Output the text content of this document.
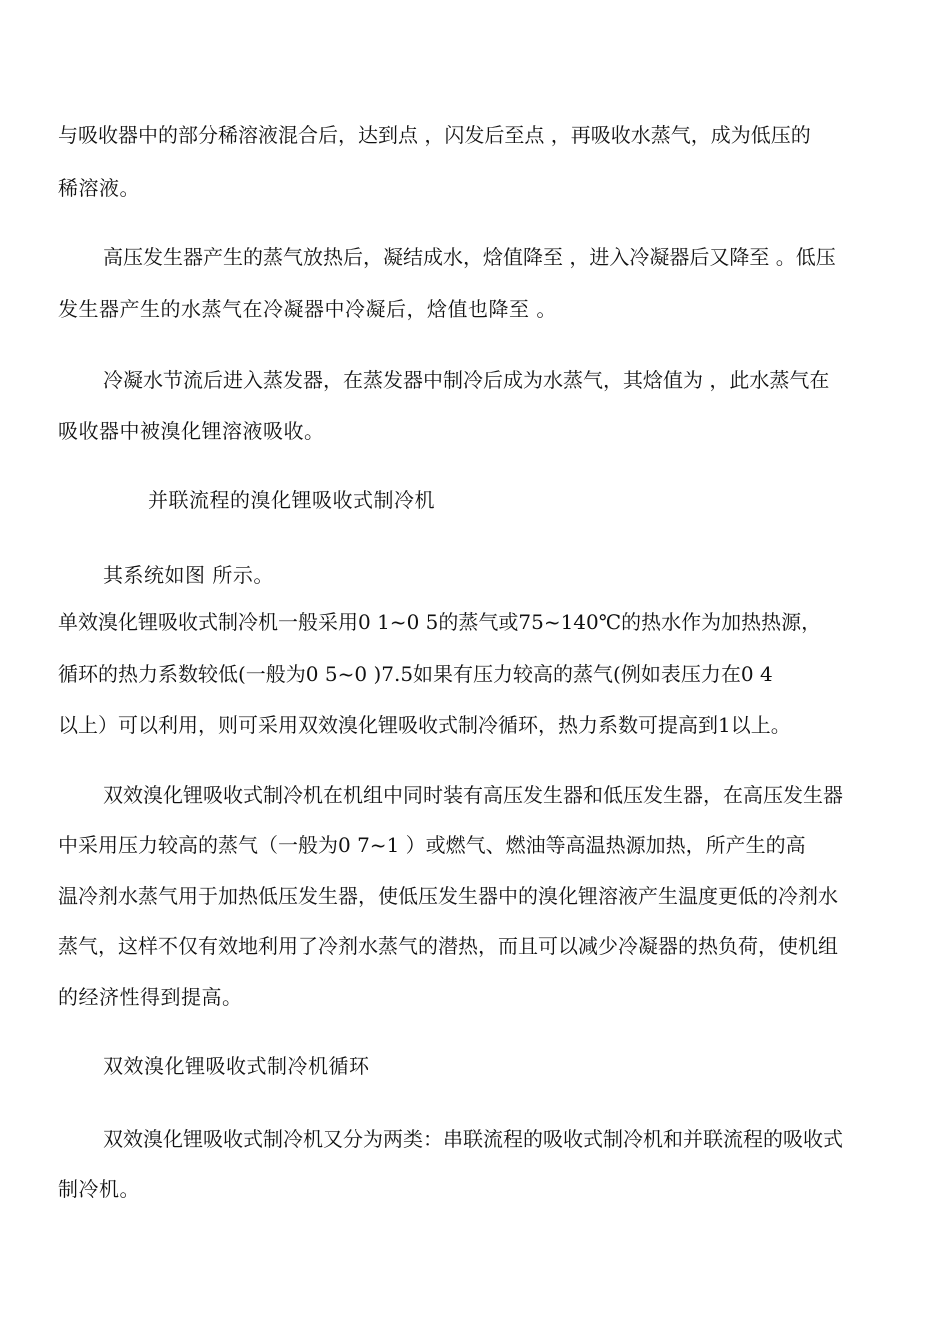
与吸收器中的部分稀溶液混合后，达到点 ，闪发后至点 ，再吸收水蒸气，成为低压的
稀溶液。
高压发生器产生的蒸气放热后，凝结成水，焓值降至 ，进入冷凝器后又降至 。低压
发生器产生的水蒸气在冷凝器中冷凝后，焓值也降至 。
冷凝水节流后进入蒸发器，在蒸发器中制冷后成为水蒸气，其焓值为 ，此水蒸气在
吸收器中被溴化锂溶液吸收。
并联流程的溴化锂吸收式制冷机
其系统如图 所示。
单效溴化锂吸收式制冷机一般采用0 1~0 5的蒸气或75~140℃的热水作为加热热源，
循环的热力系数较低(一般为0 5~0 )7.5如果有压力较高的蒸气(例如表压力在0 4
以上）可以利用，则可采用双效溴化锂吸收式制冷循环，热力系数可提高到1以上。
双效溴化锂吸收式制冷机在机组中同时装有高压发生器和低压发生器，在高压发生器
中采用压力较高的蒸气（一般为0 7~1 ）或燃气、燃油等高温热源加热，所产生的高
温冷剂水蒸气用于加热低压发生器，使低压发生器中的溴化锂溶液产生温度更低的冷剂水
蒸气，这样不仅有效地利用了冷剂水蒸气的潜热，而且可以减少冷凝器的热负荷，使机组
的经济性得到提高。
双效溴化锂吸收式制冷机循环
双效溴化锂吸收式制冷机又分为两类：串联流程的吸收式制冷机和并联流程的吸收式
制冷机。
